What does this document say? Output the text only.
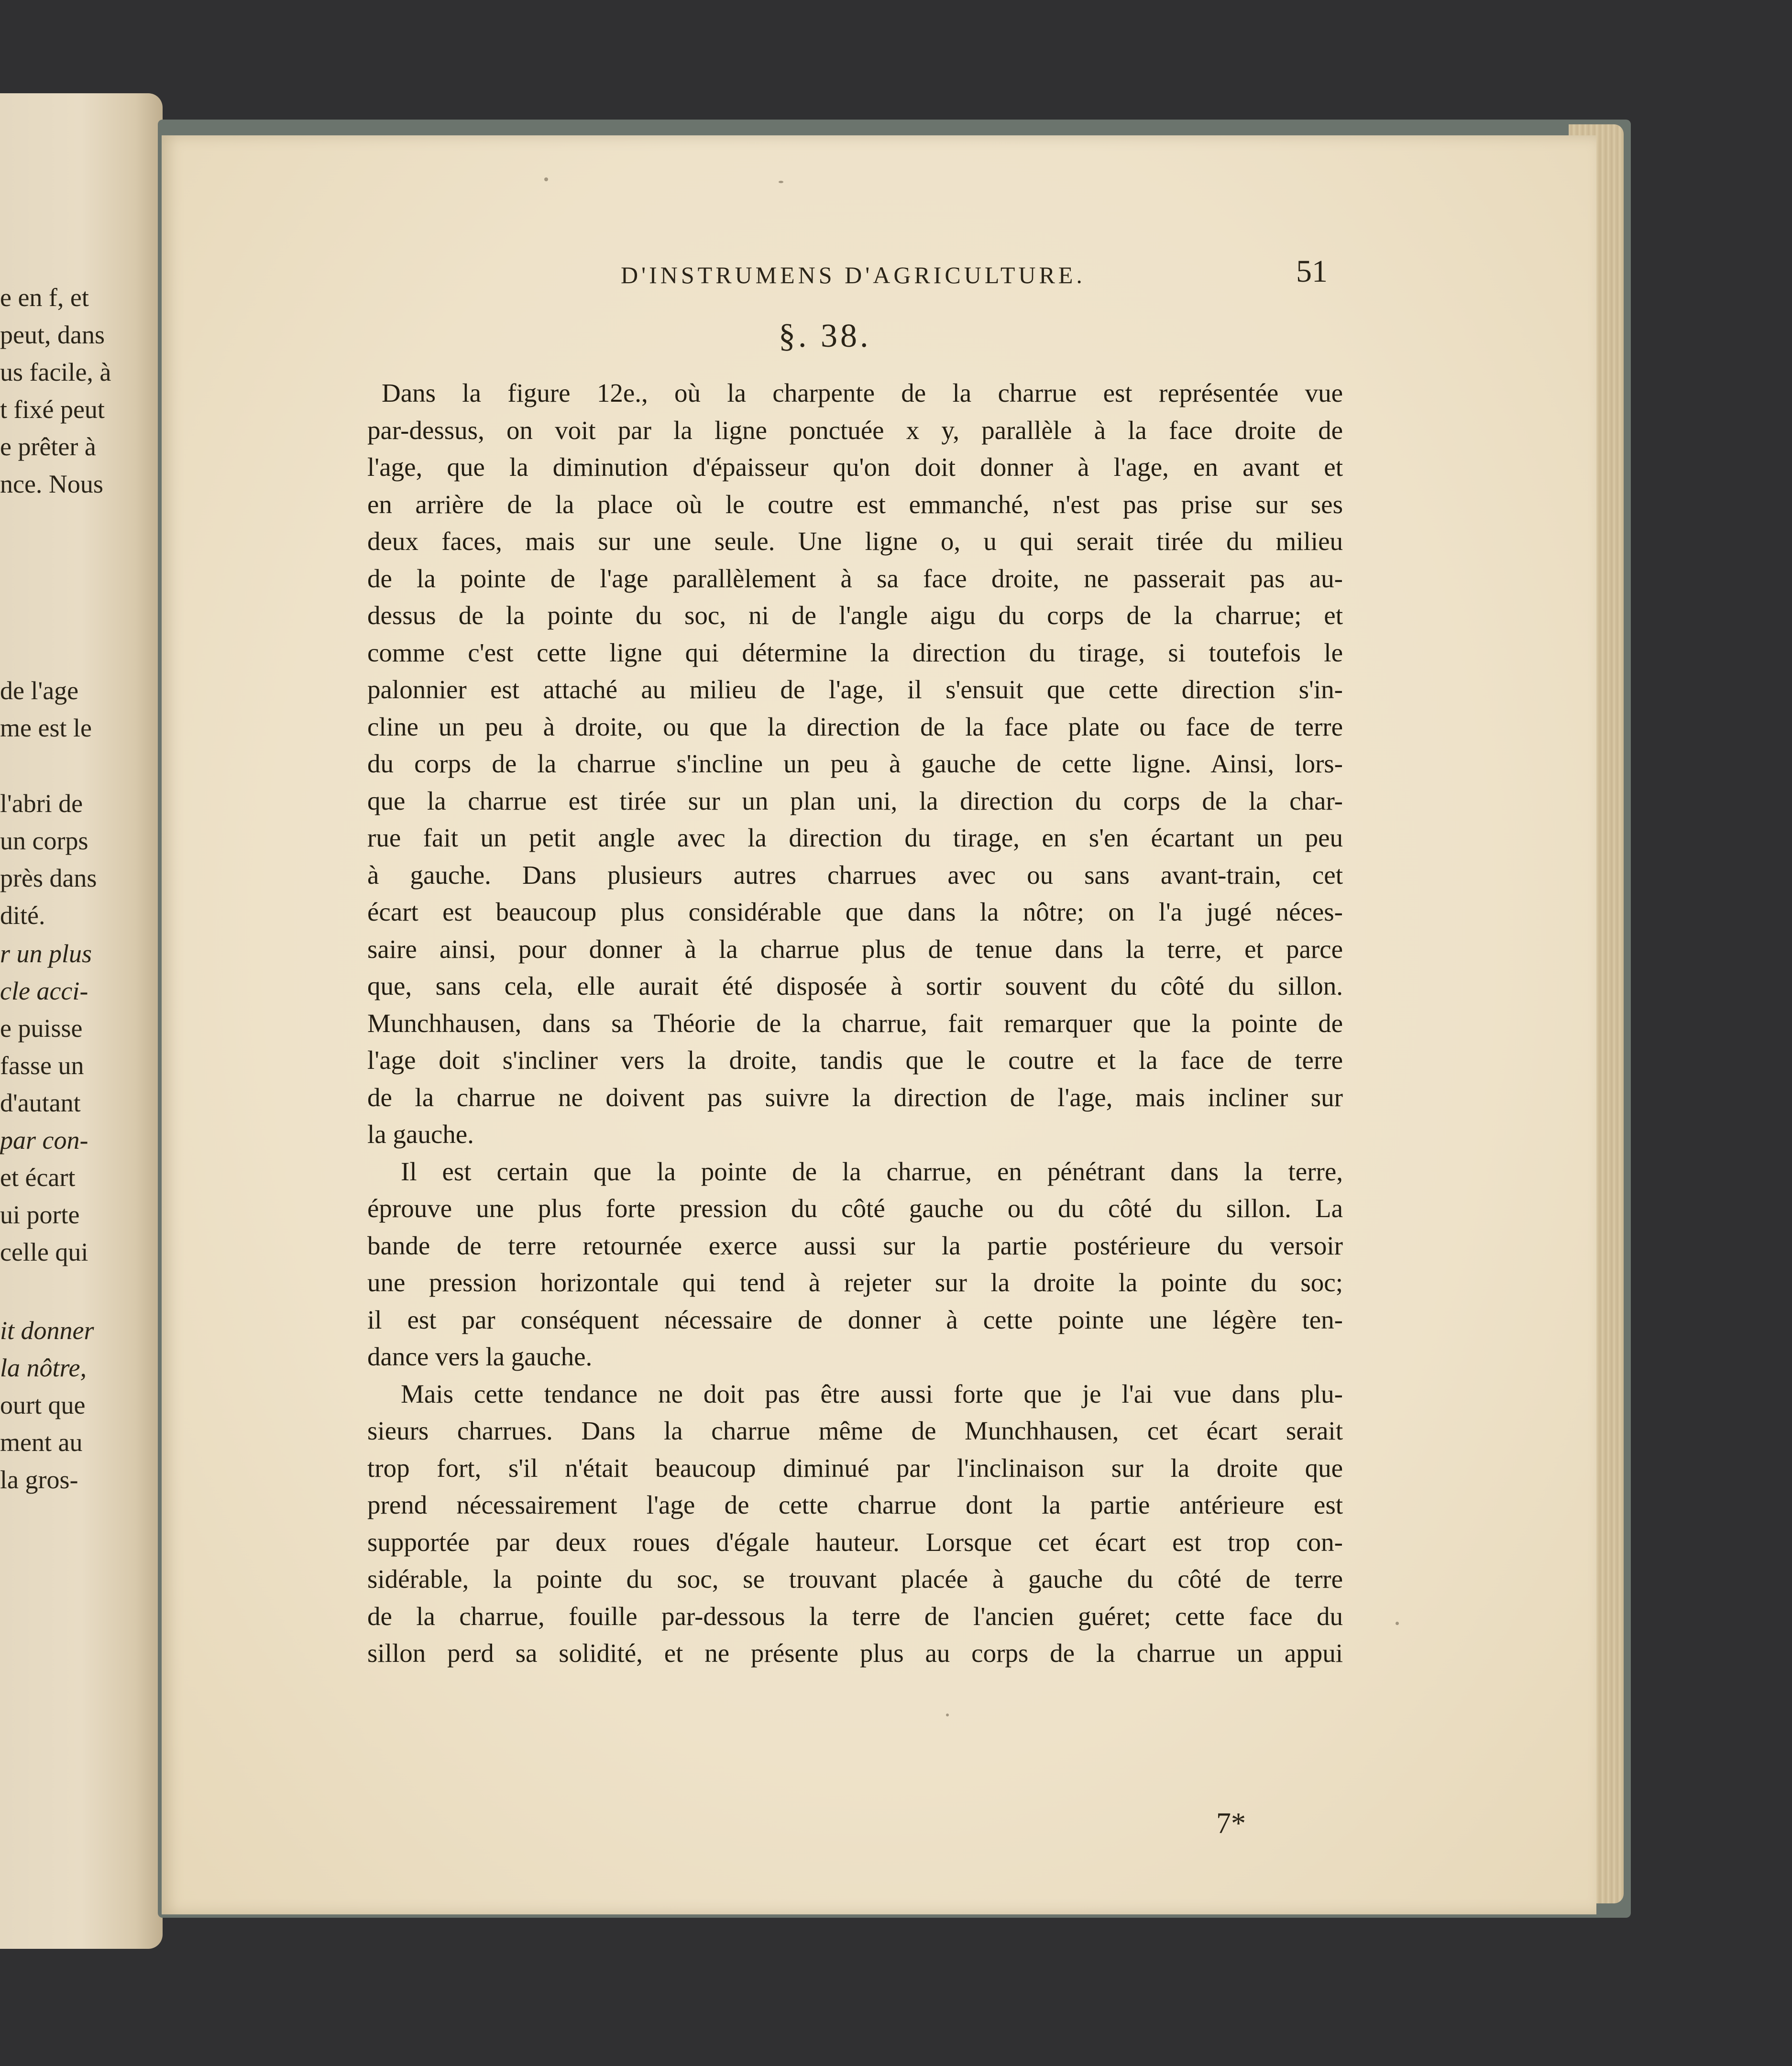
e en f, et
peut, dans
us facile, à
t fixé peut
e prêter à
nce. Nous
de l'age
me est le
l'abri de
un corps
près dans
dité.
r un plus
cle acci-
e puisse
fasse un
d'autant
par con-
et écart
ui porte
celle qui
it donner
la nôtre,
ourt que
ment au
la gros-
D'INSTRUMENS D'AGRICULTURE.	51
§. 38.
Dans la figure 12e., où la charpente de la charrue est représentée vue
par-dessus, on voit par la ligne ponctuée x y, parallèle à la face droite de
l'age, que la diminution d'épaisseur qu'on doit donner à l'age, en avant et
en arrière de la place où le coutre est emmanché, n'est pas prise sur ses
deux faces, mais sur une seule. Une ligne o, u qui serait tirée du milieu
de la pointe de l'age parallèlement à sa face droite, ne passerait pas au-
dessus de la pointe du soc, ni de l'angle aigu du corps de la charrue; et
comme c'est cette ligne qui détermine la direction du tirage, si toutefois le
palonnier est attaché au milieu de l'age, il s'ensuit que cette direction s'in-
cline un peu à droite, ou que la direction de la face plate ou face de terre
du corps de la charrue s'incline un peu à gauche de cette ligne. Ainsi, lors-
que la charrue est tirée sur un plan uni, la direction du corps de la char-
rue fait un petit angle avec la direction du tirage, en s'en écartant un peu
à gauche. Dans plusieurs autres charrues avec ou sans avant-train, cet
écart est beaucoup plus considérable que dans la nôtre; on l'a jugé néces-
saire ainsi, pour donner à la charrue plus de tenue dans la terre, et parce
que, sans cela, elle aurait été disposée à sortir souvent du côté du sillon.
Munchhausen, dans sa Théorie de la charrue, fait remarquer que la pointe de
l'age doit s'incliner vers la droite, tandis que le coutre et la face de terre
de la charrue ne doivent pas suivre la direction de l'age, mais incliner sur
la gauche.
Il est certain que la pointe de la charrue, en pénétrant dans la terre,
éprouve une plus forte pression du côté gauche ou du côté du sillon. La
bande de terre retournée exerce aussi sur la partie postérieure du versoir
une pression horizontale qui tend à rejeter sur la droite la pointe du soc;
il est par conséquent nécessaire de donner à cette pointe une légère ten-
dance vers la gauche.
Mais cette tendance ne doit pas être aussi forte que je l'ai vue dans plu-
sieurs charrues. Dans la charrue même de Munchhausen, cet écart serait
trop fort, s'il n'était beaucoup diminué par l'inclinaison sur la droite que
prend nécessairement l'age de cette charrue dont la partie antérieure est
supportée par deux roues d'égale hauteur. Lorsque cet écart est trop con-
sidérable, la pointe du soc, se trouvant placée à gauche du côté de terre
de la charrue, fouille par-dessous la terre de l'ancien guéret; cette face du
sillon perd sa solidité, et ne présente plus au corps de la charrue un appui
7*
